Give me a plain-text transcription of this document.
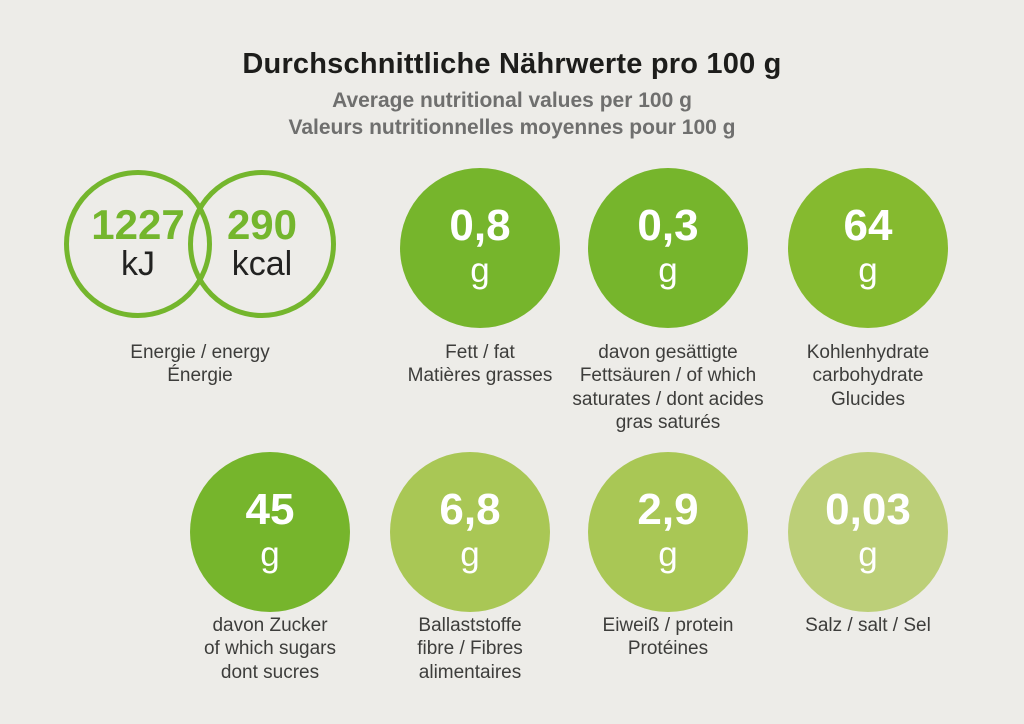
Durchschnittliche Nährwerte pro 100 g
Average nutritional values per 100 g
Valeurs nutritionnelles moyennes pour 100 g
1227
kJ
290
kcal
Energie / energy
Énergie
0,8
g
Fett / fat
Matières grasses
0,3
g
davon gesättigte
Fettsäuren / of which
saturates / dont acides
gras saturés
64
g
Kohlenhydrate
carbohydrate
Glucides
45
g
davon Zucker
of which sugars
dont sucres
6,8
g
Ballaststoffe
fibre / Fibres
alimentaires
2,9
g
Eiweiß / protein
Protéines
0,03
g
Salz / salt / Sel
